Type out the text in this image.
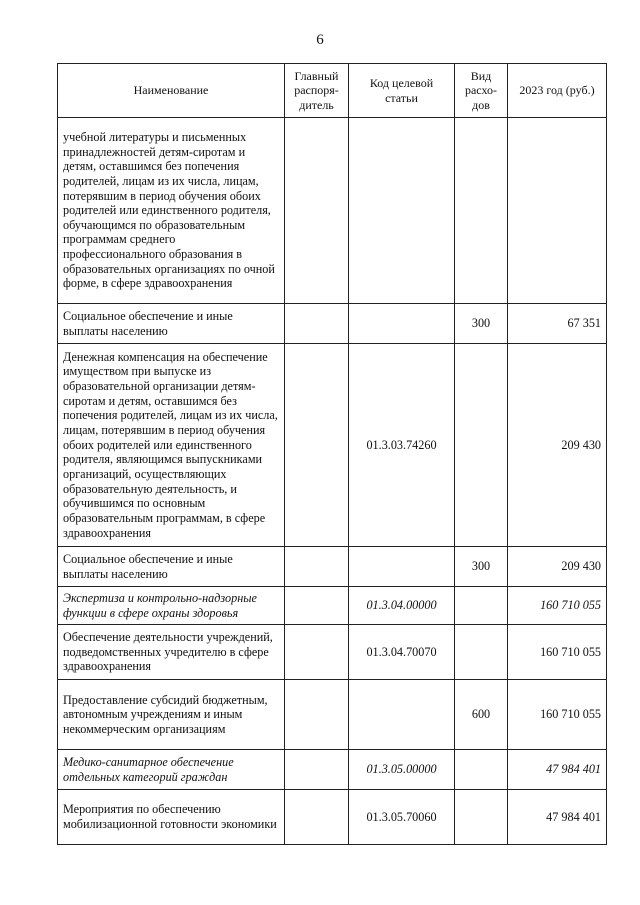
6
Наименование	Главный распоря-дитель	Код целевой статьи	Вид расхо-дов	2023 год (руб.)
учебной литературы и письменных принадлежностей детям-сиротам и детям, оставшимся без попечения родителей, лицам из их числа, лицам, потерявшим в период обучения обоих родителей или единственного родителя, обучающимся по образовательным программам среднего профессионального образования в образовательных организациях по очной форме, в сфере здравоохранения				
Социальное обеспечение и иные выплаты населению			300	67 351
Денежная компенсация на обеспечение имуществом при выпуске из образовательной организации детям-сиротам и детям, оставшимся без попечения родителей, лицам из их числа, лицам, потерявшим в период обучения обоих родителей или единственного родителя, являющимся выпускниками организаций, осуществляющих образовательную деятельность, и обучившимся по основным образовательным программам, в сфере здравоохранения		01.3.03.74260		209 430
Социальное обеспечение и иные выплаты населению			300	209 430
Экспертиза и контрольно-надзорные функции в сфере охраны здоровья		01.3.04.00000		160 710 055
Обеспечение деятельности учреждений, подведомственных учредителю в сфере здравоохранения		01.3.04.70070		160 710 055
Предоставление субсидий бюджетным, автономным учреждениям и иным некоммерческим организациям			600	160 710 055
Медико-санитарное обеспечение отдельных категорий граждан		01.3.05.00000		47 984 401
Мероприятия по обеспечению мобилизационной готовности экономики		01.3.05.70060		47 984 401
